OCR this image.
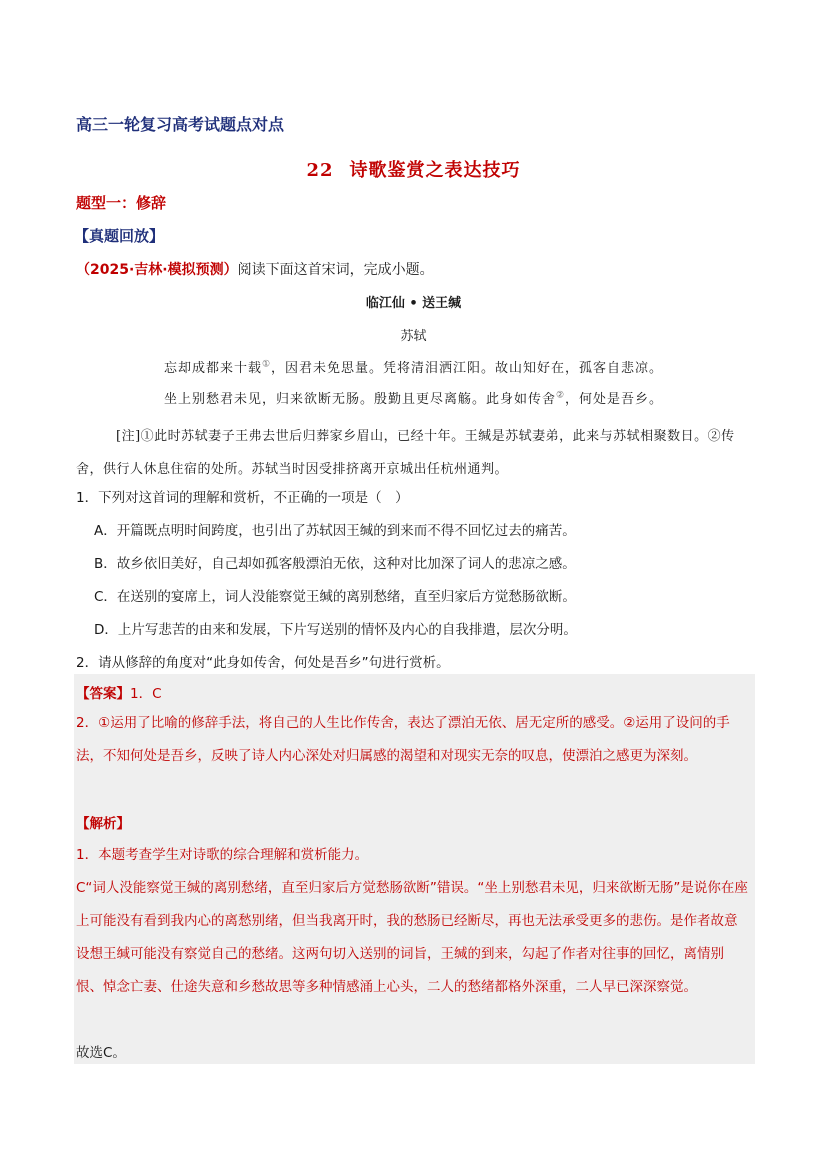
高三一轮复习高考试题点对点
22 诗歌鉴赏之表达技巧
题型一：修辞
【真题回放】
（2025·吉林·模拟预测）阅读下面这首宋词，完成小题。
临江仙 • 送王缄
苏轼
忘却成都来十载①，因君未免思量。凭将清泪洒江阳。故山知好在，孤客自悲凉。
坐上别愁君未见，归来欲断无肠。殷勤且更尽离觞。此身如传舍②，何处是吾乡。
[注]①此时苏轼妻子王弗去世后归葬家乡眉山，已经十年。王缄是苏轼妻弟，此来与苏轼相聚数日。②传舍，供行人休息住宿的处所。苏轼当时因受排挤离开京城出任杭州通判。
1．下列对这首词的理解和赏析，不正确的一项是（　）
A．开篇既点明时间跨度，也引出了苏轼因王缄的到来而不得不回忆过去的痛苦。
B．故乡依旧美好，自己却如孤客般漂泊无依，这种对比加深了词人的悲凉之感。
C．在送别的宴席上，词人没能察觉王缄的离别愁绪，直至归家后方觉愁肠欲断。
D．上片写悲苦的由来和发展，下片写送别的情怀及内心的自我排遣，层次分明。
2．请从修辞的角度对“此身如传舍，何处是吾乡”句进行赏析。
【答案】1．C
2．①运用了比喻的修辞手法，将自己的人生比作传舍，表达了漂泊无依、居无定所的感受。②运用了设问的手法，不知何处是吾乡，反映了诗人内心深处对归属感的渴望和对现实无奈的叹息，使漂泊之感更为深刻。
【解析】
1．本题考查学生对诗歌的综合理解和赏析能力。
C“词人没能察觉王缄的离别愁绪，直至归家后方觉愁肠欲断”错误。“坐上别愁君未见，归来欲断无肠”是说你在座上可能没有看到我内心的离愁别绪，但当我离开时，我的愁肠已经断尽，再也无法承受更多的悲伤。是作者故意设想王缄可能没有察觉自己的愁绪。这两句切入送别的词旨，王缄的到来，勾起了作者对往事的回忆，离情别恨、悼念亡妻、仕途失意和乡愁故思等多种情感涌上心头，二人的愁绪都格外深重，二人早已深深察觉。
故选C。
